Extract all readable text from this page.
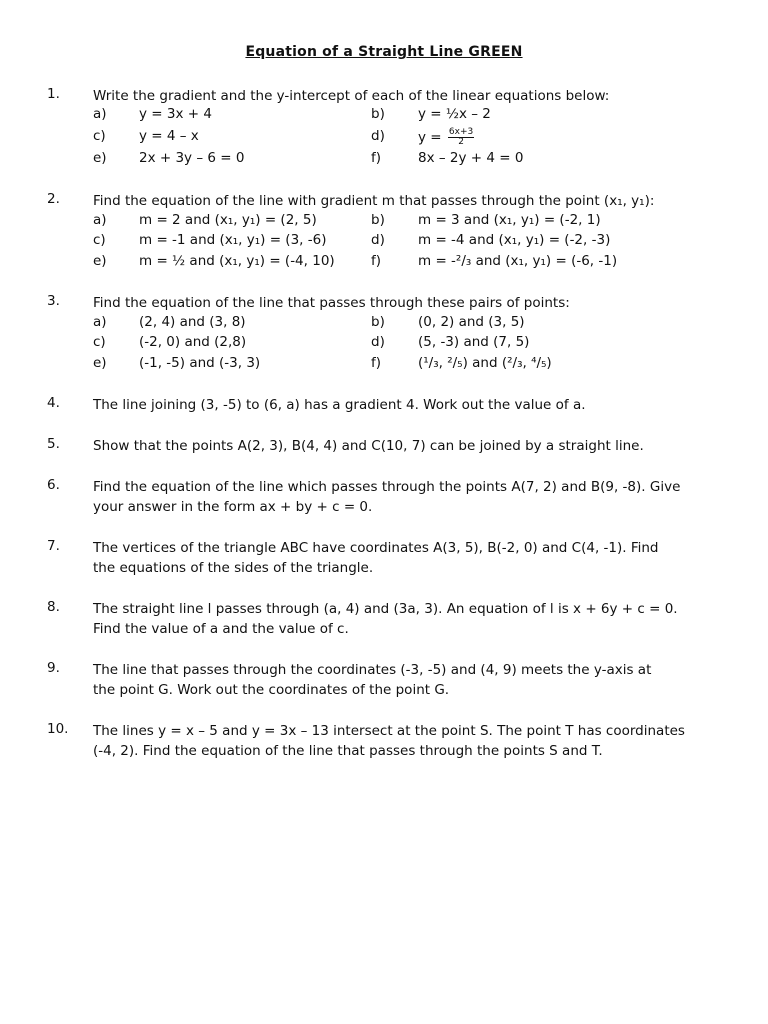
Equation of a Straight Line GREEN
1. Write the gradient and the y-intercept of each of the linear equations below:
a) y = 3x + 4	b) y = ½x – 2
c) y = 4 – x	d) $y = \frac{6x+3}{2}$
e) 2x + 3y – 6 = 0	f)	8x – 2y + 4 = 0
2. Find the equation of the line with gradient m that passes through the point (x₁, y₁):
a) m = 2 and (x₁, y₁) = (2, 5)	b) m = 3 and (x₁, y₁) = (-2, 1)
c) m = -1 and (x₁, y₁) = (3, -6)	d) m = -4 and (x₁, y₁) = (-2, -3)
e) m = ½ and (x₁, y₁) = (-4, 10)	f)	m = -²/₃ and (x₁, y₁) = (-6, -1)
3. Find the equation of the line that passes through these pairs of points:
a) (2, 4) and (3, 8)	b) (0, 2) and (3, 5)
c) (-2, 0) and (2,8)	d) (5, -3) and (7, 5)
e) (-1, -5) and (-3, 3)	f)	(¹/₃, ²/₅) and (²/₃, ⁴/₅)
4. The line joining (3, -5) to (6, a) has a gradient 4. Work out the value of a.
5. Show that the points A(2, 3), B(4, 4) and C(10, 7) can be joined by a straight line.
6. Find the equation of the line which passes through the points A(7, 2) and B(9, -8). Give
your answer in the form ax + by + c = 0.
7. The vertices of the triangle ABC have coordinates A(3, 5), B(-2, 0) and C(4, -1). Find
the equations of the sides of the triangle.
8. The straight line l passes through (a, 4) and (3a, 3). An equation of l is x + 6y + c = 0.
Find the value of a and the value of c.
9. The line that passes through the coordinates (-3, -5) and (4, 9) meets the y-axis at
the point G. Work out the coordinates of the point G.
10. The lines y = x – 5 and y = 3x – 13 intersect at the point S. The point T has coordinates
(-4, 2). Find the equation of the line that passes through the points S and T.
